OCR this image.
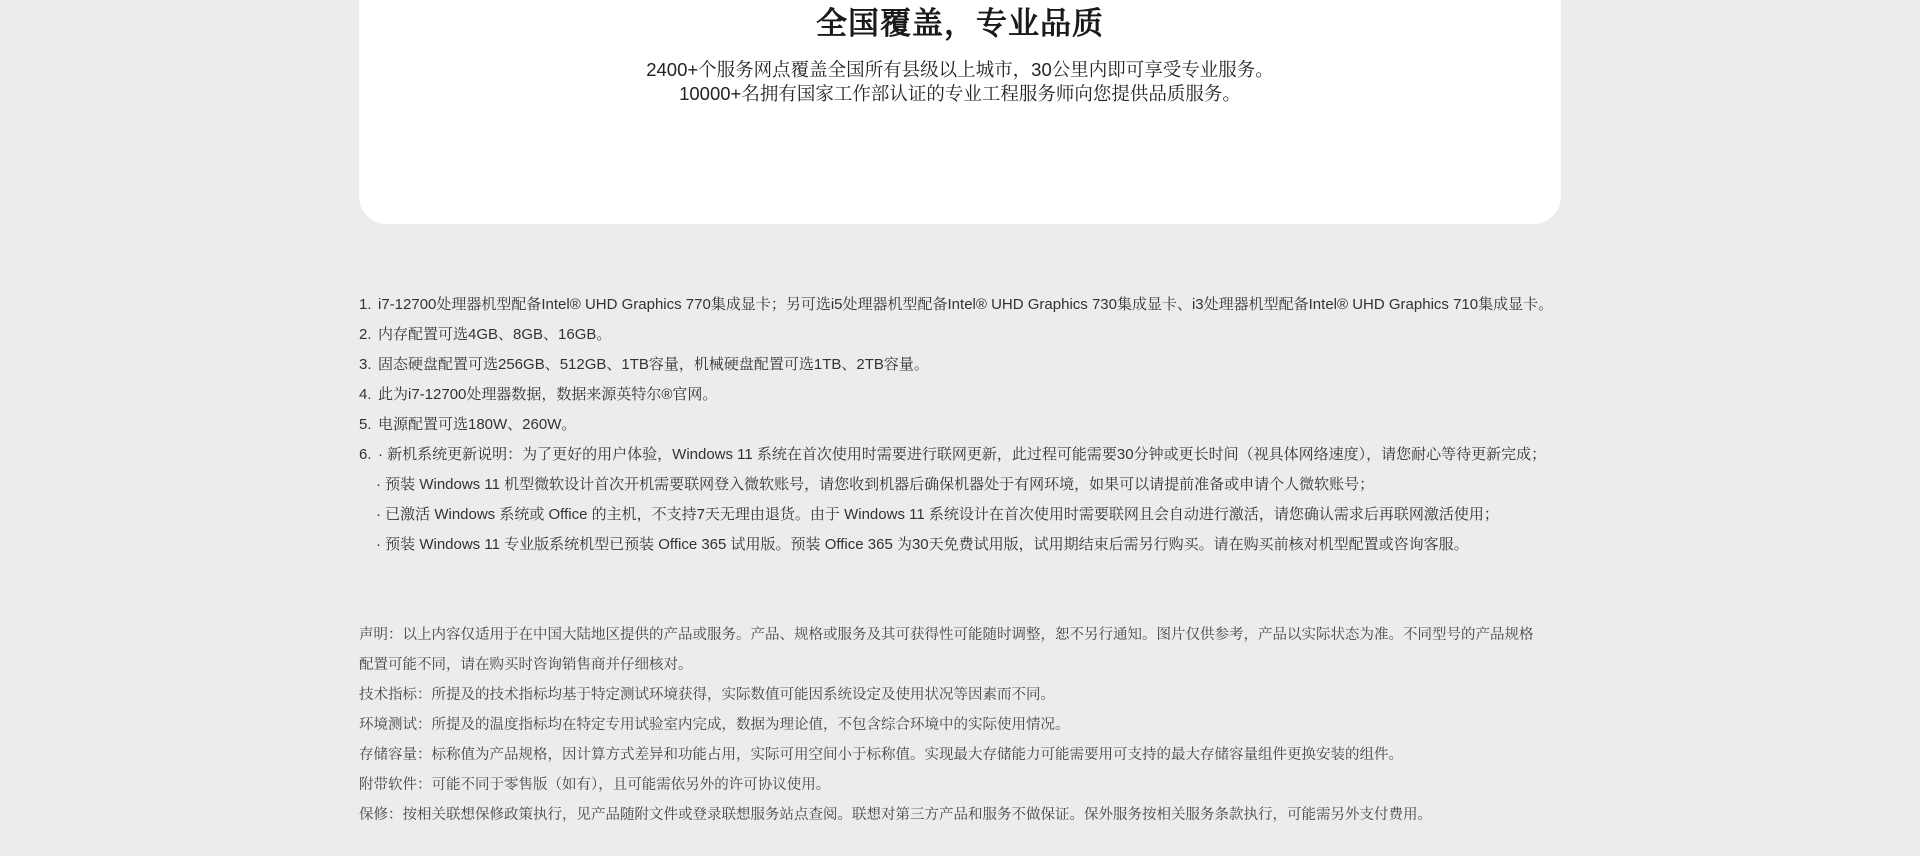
全国覆盖，专业品质

2400+个服务网点覆盖全国所有县级以上城市，30公里内即可享受专业服务。

10000+名拥有国家工作部认证的专业工程服务师向您提供品质服务。

1. i7-12700处理器机型配备Intel® UHD Graphics 770集成显卡；另可选i5处理器机型配备Intel® UHD Graphics 730集成显卡、i3处理器机型配备Intel® UHD Graphics 710集成显卡。
2. 内存配置可选4GB、8GB、16GB。
3. 固态硬盘配置可选256GB、512GB、1TB容量，机械硬盘配置可选1TB、2TB容量。
4. 此为i7-12700处理器数据，数据来源英特尔®官网。
5. 电源配置可选180W、260W。
6. · 新机系统更新说明：为了更好的用户体验，Windows 11 系统在首次使用时需要进行联网更新，此过程可能需要30分钟或更长时间（视具体网络速度），请您耐心等待更新完成；
· 预装 Windows 11 机型微软设计首次开机需要联网登入微软账号，请您收到机器后确保机器处于有网环境，如果可以请提前准备或申请个人微软账号；
· 已激活 Windows 系统或 Office 的主机，不支持7天无理由退货。由于 Windows 11 系统设计在首次使用时需要联网且会自动进行激活，请您确认需求后再联网激活使用；
· 预装 Windows 11 专业版系统机型已预装 Office 365 试用版。预装 Office 365 为30天免费试用版，试用期结束后需另行购买。请在购买前核对机型配置或咨询客服。

声明：以上内容仅适用于在中国大陆地区提供的产品或服务。产品、规格或服务及其可获得性可能随时调整，恕不另行通知。图片仅供参考，产品以实际状态为准。不同型号的产品规格

配置可能不同，请在购买时咨询销售商并仔细核对。

技术指标：所提及的技术指标均基于特定测试环境获得，实际数值可能因系统设定及使用状况等因素而不同。

环境测试：所提及的温度指标均在特定专用试验室内完成，数据为理论值，不包含综合环境中的实际使用情况。

存储容量：标称值为产品规格，因计算方式差异和功能占用，实际可用空间小于标称值。实现最大存储能力可能需要用可支持的最大存储容量组件更换安装的组件。

附带软件：可能不同于零售版（如有），且可能需依另外的许可协议使用。

保修：按相关联想保修政策执行，见产品随附文件或登录联想服务站点查阅。联想对第三方产品和服务不做保证。保外服务按相关服务条款执行，可能需另外支付费用。
